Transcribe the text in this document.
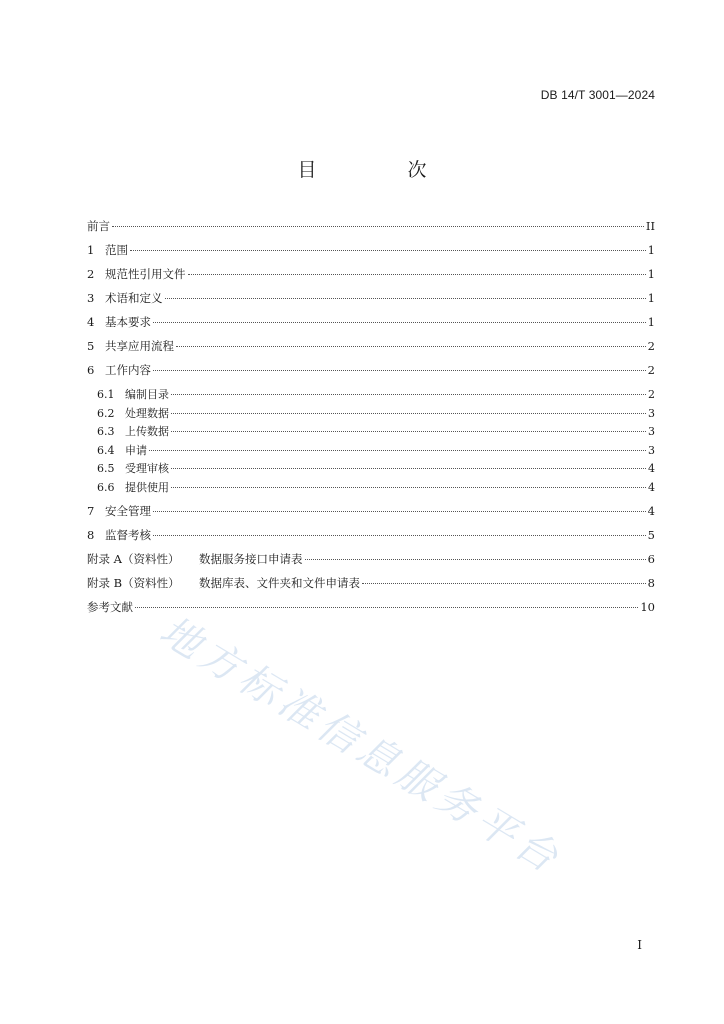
DB 14/T 3001—2024
目　次
前言	II
1 范围	1
2 规范性引用文件	1
3 术语和定义	1
4 基本要求	1
5 共享应用流程	2
6 工作内容	2
6.1 编制目录	2
6.2 处理数据	3
6.3 上传数据	3
6.4 申请	3
6.5 受理审核	4
6.6 提供使用	4
7 安全管理	4
8 监督考核	5
附录 A（资料性）	数据服务接口申请表	6
附录 B（资料性）	数据库表、文件夹和文件申请表	8
参考文献	10
地方标准信息服务平台
I
